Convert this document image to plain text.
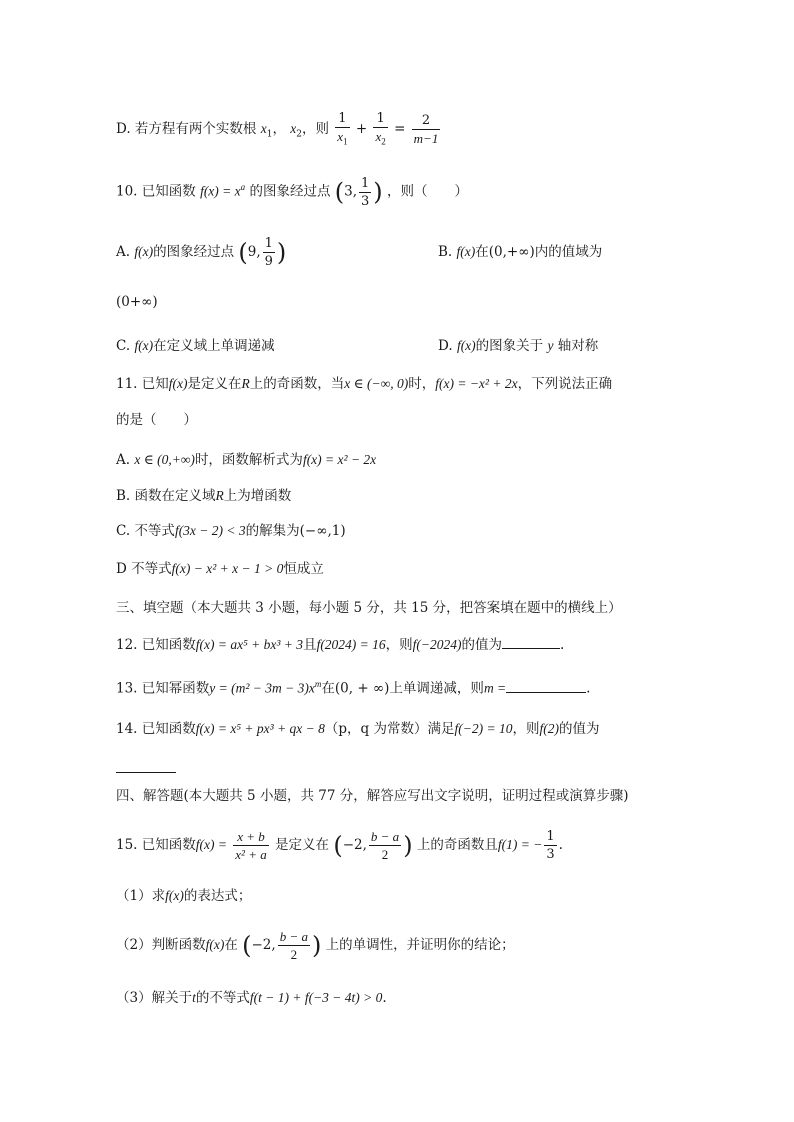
D. 若方程有两个实数根 $x_1$， $x_2$，则 $\frac{1}{x_1} + \frac{1}{x_2} = \frac{2}{m-1}$
10. 已知函数 $f(x) = x^a$ 的图象经过点 (3, $\frac{1}{3}$ ) ，则（　　）
A. f(x)的图象经过点 (9, $\frac{1}{9}$ )	B. f(x)在(0,+∞)内的值域为
(0+∞)
C. f(x)在定义域上单调递减	D. f(x)的图象关于 y 轴对称
11. 已知f(x)是定义在R上的奇函数，当x ∈ (−∞, 0)时，f(x) = −x² + 2x，下列说法正确
的是（　　）
A. x ∈ (0,+∞)时，函数解析式为f(x) = x² − 2x
B. 函数在定义域R上为增函数
C. 不等式f(3x − 2) < 3的解集为(−∞,1)
D 不等式f(x) − x² + x − 1 > 0恒成立
三、填空题（本大题共 3 小题，每小题 5 分，共 15 分，把答案填在题中的横线上）
12. 已知函数f(x) = ax⁵ + bx³ + 3且f(2024) = 16，则f(−2024)的值为	.
13. 已知幂函数$y = (m^2 - 3m - 3)x^m$在(0, + ∞)上单调递减，则m =	.
14. 已知函数f(x) = x⁵ + px³ + qx − 8（p，q 为常数）满足f(−2) = 10，则f(2)的值为
四、解答题(本大题共 5 小题，共 77 分，解答应写出文字说明，证明过程或演算步骤)
15. 已知函数$f(x) = \frac{x + b}{\text{x² + a}}$ 是定义在 (−2, $\frac{b - a}{2}$ ) 上的奇函数且f(1) = − $\frac{1}{3}$ .
（1）求f(x)的表达式；
（2）判断函数f(x)在 (−2, $\frac{b - a}{2}$ ) 上的单调性，并证明你的结论；
（3）解关于t的不等式f(t − 1) + f(−3 − 4t) > 0.
